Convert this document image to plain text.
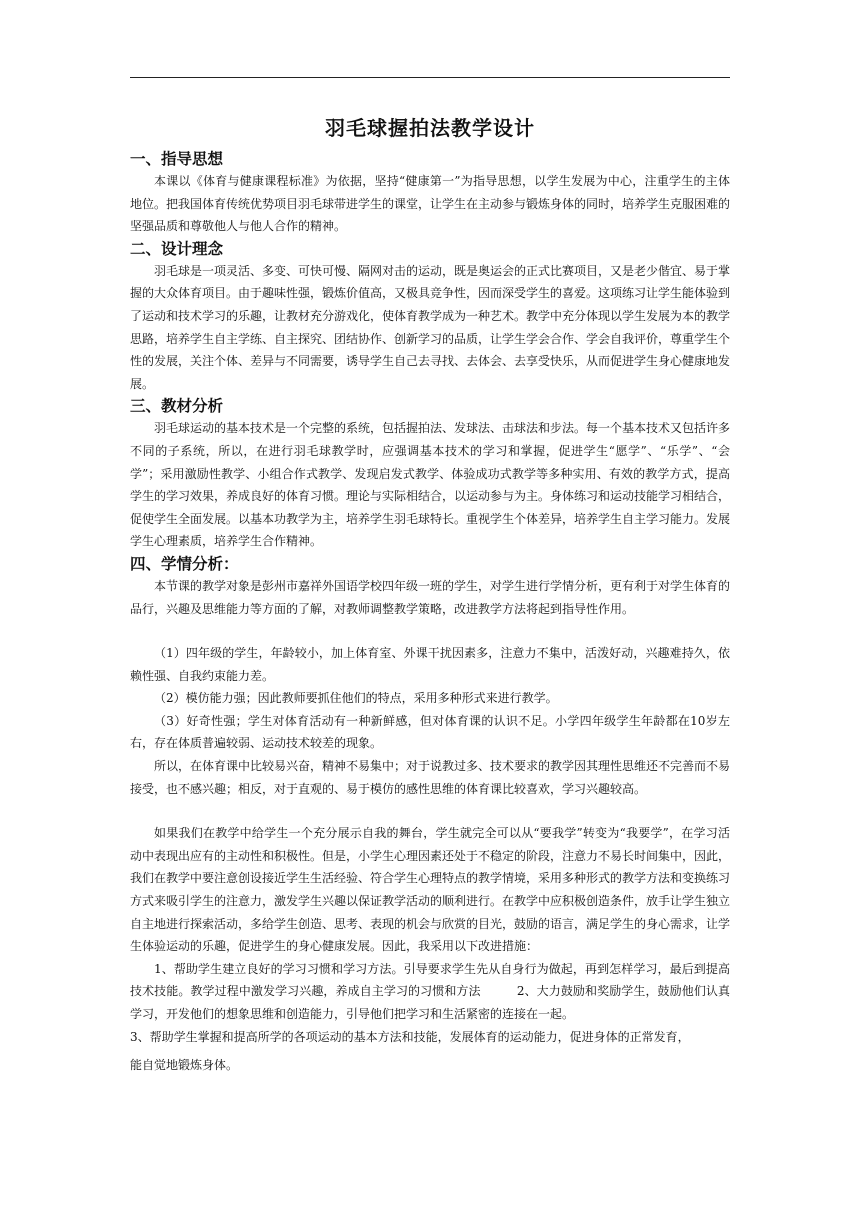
羽毛球握拍法教学设计
一、指导思想

本课以《体育与健康课程标准》为依据，坚持“健康第一”为指导思想，以学生发展为中心，注重学生的主体地位。把我国体育传统优势项目羽毛球带进学生的课堂，让学生在主动参与锻炼身体的同时，培养学生克服困难的坚强品质和尊敬他人与他人合作的精神。

二、设计理念

羽毛球是一项灵活、多变、可快可慢、隔网对击的运动，既是奥运会的正式比赛项目，又是老少偕宜、易于掌握的大众体育项目。由于趣味性强，锻炼价值高，又极具竞争性，因而深受学生的喜爱。这项练习让学生能体验到了运动和技术学习的乐趣，让教材充分游戏化，使体育教学成为一种艺术。教学中充分体现以学生发展为本的教学思路，培养学生自主学练、自主探究、团结协作、创新学习的品质，让学生学会合作、学会自我评价，尊重学生个性的发展，关注个体、差异与不同需要，诱导学生自己去寻找、去体会、去享受快乐，从而促进学生身心健康地发展。

三、教材分析

羽毛球运动的基本技术是一个完整的系统，包括握拍法、发球法、击球法和步法。每一个基本技术又包括许多不同的子系统，所以，在进行羽毛球教学时，应强调基本技术的学习和掌握，促进学生“愿学”、“乐学”、“会学”；采用激励性教学、小组合作式教学、发现启发式教学、体验成功式教学等多种实用、有效的教学方式，提高学生的学习效果，养成良好的体育习惯。理论与实际相结合，以运动参与为主。身体练习和运动技能学习相结合，促使学生全面发展。以基本功教学为主，培养学生羽毛球特长。重视学生个体差异，培养学生自主学习能力。发展学生心理素质，培养学生合作精神。

四、学情分析：

本节课的教学对象是彭州市嘉祥外国语学校四年级一班的学生，对学生进行学情分析，更有利于对学生体育的品行，兴趣及思维能力等方面的了解，对教师调整教学策略，改进教学方法将起到指导性作用。

（1）四年级的学生，年龄较小，加上体育室、外课干扰因素多，注意力不集中，活泼好动，兴趣难持久，依赖性强、自我约束能力差。

（2）模仿能力强；因此教师要抓住他们的特点，采用多种形式来进行教学。

（3）好奇性强；学生对体育活动有一种新鲜感，但对体育课的认识不足。小学四年级学生年龄都在10岁左右，存在体质普遍较弱、运动技术较差的现象。

所以，在体育课中比较易兴奋，精神不易集中；对于说教过多、技术要求的教学因其理性思维还不完善而不易接受，也不感兴趣；相反，对于直观的、易于模仿的感性思维的体育课比较喜欢，学习兴趣较高。

如果我们在教学中给学生一个充分展示自我的舞台，学生就完全可以从“要我学”转变为“我要学”，在学习活动中表现出应有的主动性和积极性。但是，小学生心理因素还处于不稳定的阶段，注意力不易长时间集中，因此，我们在教学中要注意创设接近学生生活经验、符合学生心理特点的教学情境，采用多种形式的教学方法和变换练习方式来吸引学生的注意力，激发学生兴趣以保证教学活动的顺利进行。在教学中应积极创造条件，放手让学生独立自主地进行探索活动，多给学生创造、思考、表现的机会与欣赏的目光，鼓励的语言，满足学生的身心需求，让学生体验运动的乐趣，促进学生的身心健康发展。因此，我采用以下改进措施：

1、帮助学生建立良好的学习习惯和学习方法。引导要求学生先从自身行为做起，再到怎样学习，最后到提高技术技能。教学过程中激发学习兴趣，养成自主学习的习惯和方法　　　2、大力鼓励和奖励学生，鼓励他们认真学习，开发他们的想象思维和创造能力，引导他们把学习和生活紧密的连接在一起。

3、帮助学生掌握和提高所学的各项运动的基本方法和技能，发展体育的运动能力，促进身体的正常发育，

能自觉地锻炼身体。
